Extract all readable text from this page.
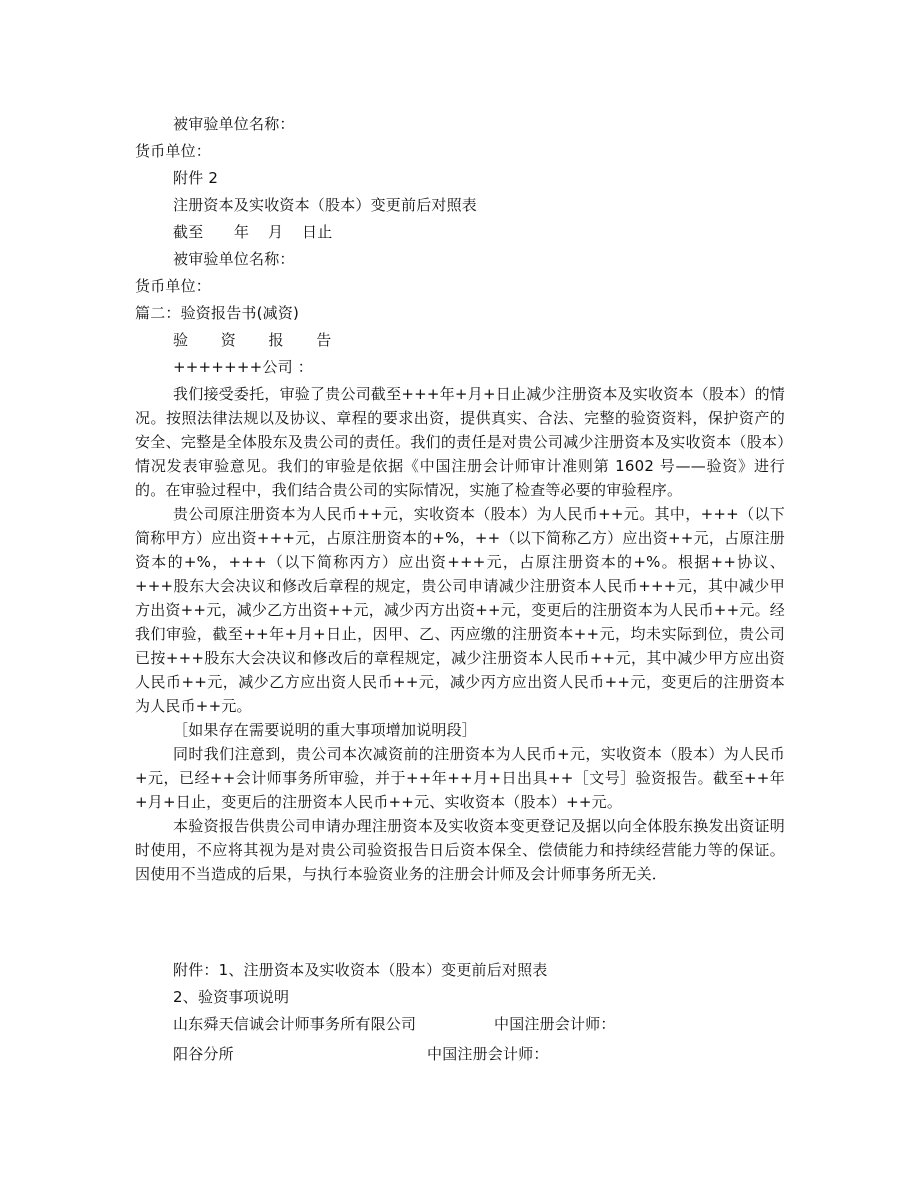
被审验单位名称：
货币单位：
附件 2
注册资本及实收资本（股本）变更前后对照表
截至 年 月 日止
被审验单位名称：
货币单位：
篇二：验资报告书(减资)
验 资 报 告
+++++++公司 ：

我们接受委托，审验了贵公司截至+++年+月+日止减少注册资本及实收资本（股本）的情况。按照法律法规以及协议、章程的要求出资，提供真实、合法、完整的验资资料，保护资产的安全、完整是全体股东及贵公司的责任。我们的责任是对贵公司减少注册资本及实收资本（股本）情况发表审验意见。我们的审验是依据《中国注册会计师审计准则第 1602 号——验资》进行的。在审验过程中，我们结合贵公司的实际情况，实施了检查等必要的审验程序。

贵公司原注册资本为人民币++元，实收资本（股本）为人民币++元。其中，+++（以下简称甲方）应出资+++元，占原注册资本的+%，++（以下简称乙方）应出资++元，占原注册资本的+%，+++（以下简称丙方）应出资+++元，占原注册资本的+%。根据++协议、+++股东大会决议和修改后章程的规定，贵公司申请减少注册资本人民币+++元，其中减少甲方出资++元，减少乙方出资++元，减少丙方出资++元，变更后的注册资本为人民币++元。经我们审验，截至++年+月+日止，因甲、乙、丙应缴的注册资本++元，均未实际到位，贵公司已按+++股东大会决议和修改后的章程规定，减少注册资本人民币++元，其中减少甲方应出资人民币++元，减少乙方应出资人民币++元，减少丙方应出资人民币++元，变更后的注册资本为人民币++元。

［如果存在需要说明的重大事项增加说明段］

同时我们注意到，贵公司本次减资前的注册资本为人民币+元，实收资本（股本）为人民币+元，已经++会计师事务所审验，并于++年++月+日出具++［文号］验资报告。截至++年+月+日止，变更后的注册资本人民币++元、实收资本（股本）++元。

本验资报告供贵公司申请办理注册资本及实收资本变更登记及据以向全体股东换发出资证明时使用，不应将其视为是对贵公司验资报告日后资本保全、偿债能力和持续经营能力等的保证。因使用不当造成的后果，与执行本验资业务的注册会计师及会计师事务所无关．

附件：1、注册资本及实收资本（股本）变更前后对照表
2、验资事项说明
山东舜天信诚会计师事务所有限公司	中国注册会计师：
阳谷分所	中国注册会计师：
